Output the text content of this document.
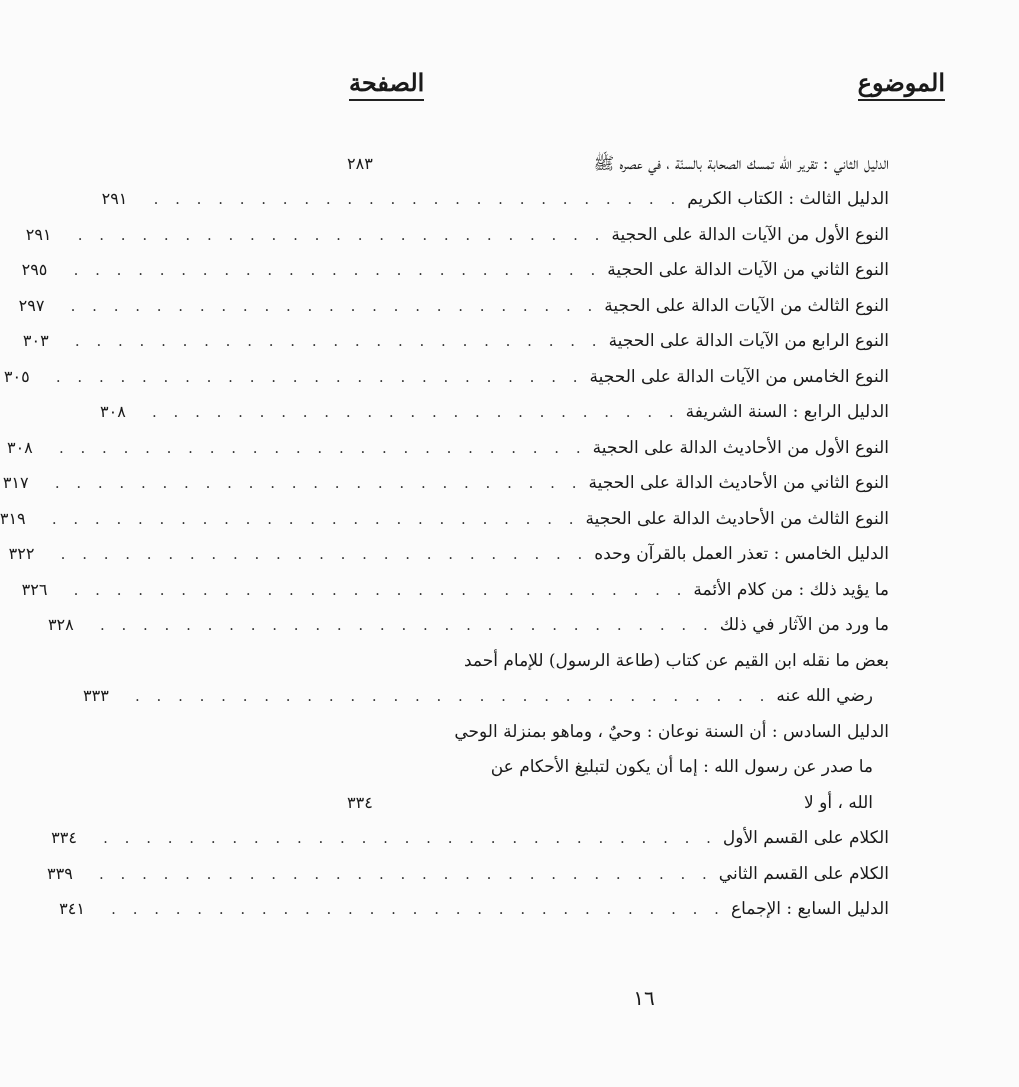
الموضوع
الصفحة
الدليل الثاني : تقرير الله تمسك الصحابة بالسنّة ، في عصره ﷺ
٢٨٣
الدليل الثالث : الكتاب الكريم
. . . . . . . . . . . . . . . . . . . . . . . . .
٢٩١
النوع الأول من الآيات الدالة على الحجية
. . . . . . . . . . . . . . . . . . . . . . . . .
٢٩١
النوع الثاني من الآيات الدالة على الحجية
. . . . . . . . . . . . . . . . . . . . . . . . .
٢٩٥
النوع الثالث من الآيات الدالة على الحجية
. . . . . . . . . . . . . . . . . . . . . . . . .
٢٩٧
النوع الرابع من الآيات الدالة على الحجية
. . . . . . . . . . . . . . . . . . . . . . . . .
٣٠٣
النوع الخامس من الآيات الدالة على الحجية
. . . . . . . . . . . . . . . . . . . . . . . . .
٣٠٥
الدليل الرابع : السنة الشريفة
. . . . . . . . . . . . . . . . . . . . . . . . .
٣٠٨
النوع الأول من الأحاديث الدالة على الحجية
. . . . . . . . . . . . . . . . . . . . . . . . .
٣٠٨
النوع الثاني من الأحاديث الدالة على الحجية
. . . . . . . . . . . . . . . . . . . . . . . . .
٣١٧
النوع الثالث من الأحاديث الدالة على الحجية
. . . . . . . . . . . . . . . . . . . . . . . . .
٣١٩
الدليل الخامس : تعذر العمل بالقرآن وحده
. . . . . . . . . . . . . . . . . . . . . . . . .
٣٢٢
ما يؤيد ذلك : من كلام الأئمة
. . . . . . . . . . . . . . . . . . . . . . . . . . . . .
٣٢٦
ما ورد من الآثار في ذلك
. . . . . . . . . . . . . . . . . . . . . . . . . . . . .
٣٢٨
بعض ما نقله ابن القيم عن كتاب (طاعة الرسول) للإمام أحمد
رضي الله عنه
. . . . . . . . . . . . . . . . . . . . . . . . . . . . . .
٣٣٣
الدليل السادس : أن السنة نوعان : وحيٌ ، وماهو بمنزلة الوحي
ما صدر عن رسول الله : إما أن يكون لتبليغ الأحكام عن
الله ، أو لا
٣٣٤
الكلام على القسم الأول
. . . . . . . . . . . . . . . . . . . . . . . . . . . . .
٣٣٤
الكلام على القسم الثاني
. . . . . . . . . . . . . . . . . . . . . . . . . . . . .
٣٣٩
الدليل السابع : الإجماع
. . . . . . . . . . . . . . . . . . . . . . . . . . . . .
٣٤١
١٦
